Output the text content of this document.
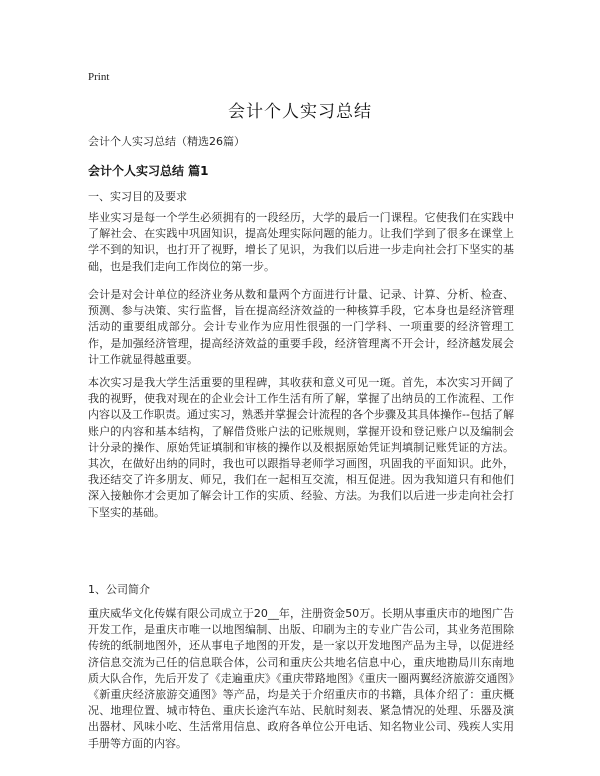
Print
会计个人实习总结
会计个人实习总结（精选26篇）
会计个人实习总结 篇1
一、实习目的及要求
毕业实习是每一个学生必须拥有的一段经历，大学的最后一门课程。它使我们在实践中了解社会、在实践中巩固知识，提高处理实际问题的能力。让我们学到了很多在课堂上学不到的知识，也打开了视野，增长了见识，为我们以后进一步走向社会打下坚实的基础，也是我们走向工作岗位的第一步。
会计是对会计单位的经济业务从数和量两个方面进行计量、记录、计算、分析、检查、预测、参与决策、实行监督，旨在提高经济效益的一种核算手段，它本身也是经济管理活动的重要组成部分。会计专业作为应用性很强的一门学科、一项重要的经济管理工作，是加强经济管理，提高经济效益的重要手段，经济管理离不开会计，经济越发展会计工作就显得越重要。
本次实习是我大学生活重要的里程碑，其收获和意义可见一斑。首先，本次实习开阔了我的视野，使我对现在的企业会计工作生活有所了解，掌握了出纳员的工作流程、工作内容以及工作职责。通过实习，熟悉并掌握会计流程的各个步骤及其具体操作--包括了解账户的内容和基本结构，了解借贷账户法的记账规则，掌握开设和登记账户以及编制会计分录的操作、原始凭证填制和审核的操作以及根据原始凭证判填制记账凭证的方法。其次，在做好出纳的同时，我也可以跟指导老师学习画图，巩固我的平面知识。此外，我还结交了许多朋友、师兄，我们在一起相互交流，相互促进。因为我知道只有和他们深入接触你才会更加了解会计工作的实质、经验、方法。为我们以后进一步走向社会打下坚实的基础。
1、公司简介
重庆威华文化传媒有限公司成立于20__年，注册资金50万。长期从事重庆市的地图广告开发工作，是重庆市唯一以地图编制、出版、印刷为主的专业广告公司，其业务范围除传统的纸制地图外，还从事电子地图的开发，是一家以开发地图产品为主导，以促进经济信息交流为己任的信息联合体，公司和重庆公共地名信息中心，重庆地勘局川东南地质大队合作，先后开发了《走遍重庆》《重庆带路地图》《重庆一圈两翼经济旅游交通图》《新重庆经济旅游交通图》等产品，均是关于介绍重庆市的书籍，具体介绍了：重庆概况、地理位置、城市特色、重庆长途汽车站、民航时刻表、紧急情况的处理、乐器及演出器材、风味小吃、生活常用信息、政府各单位公开电话、知名物业公司、残疾人实用手册等方面的内容。
